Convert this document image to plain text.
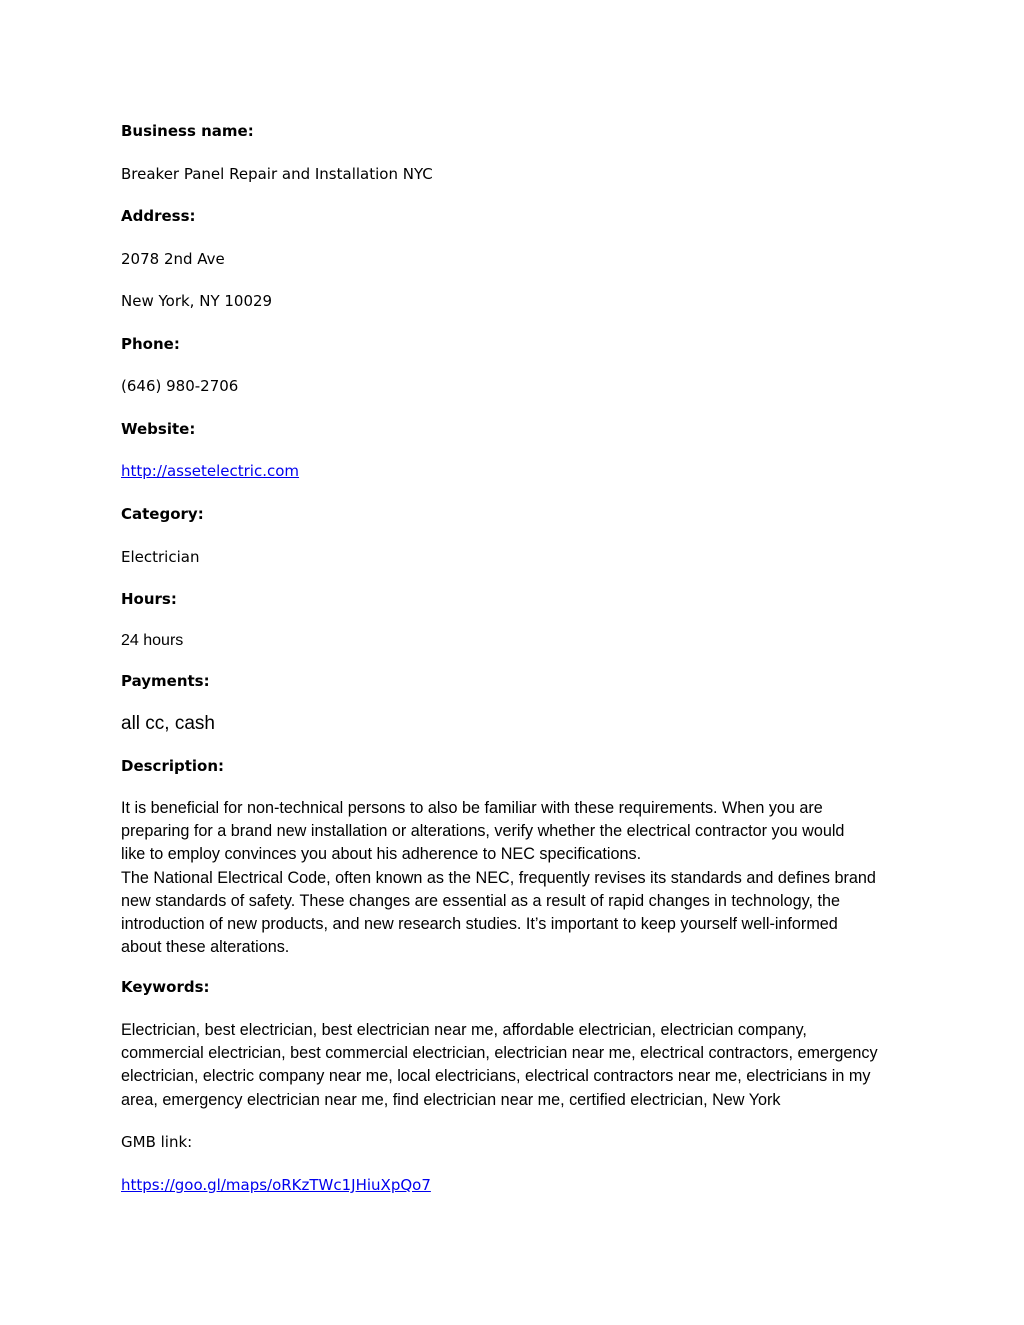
Business name:

Breaker Panel Repair and Installation NYC

Address:

2078 2nd Ave

New York, NY 10029

Phone:

(646) 980-2706

Website:

http://assetelectric.com

Category:

Electrician

Hours:

24 hours

Payments:

all cc, cash

Description:

It is beneficial for non-technical persons to also be familiar with these requirements. When you are
preparing for a brand new installation or alterations, verify whether the electrical contractor you would
like to employ convinces you about his adherence to NEC specifications.
The National Electrical Code, often known as the NEC, frequently revises its standards and defines brand
new standards of safety. These changes are essential as a result of rapid changes in technology, the
introduction of new products, and new research studies. It’s important to keep yourself well-informed
about these alterations.

Keywords:

Electrician, best electrician, best electrician near me, affordable electrician, electrician company,
commercial electrician, best commercial electrician, electrician near me, electrical contractors, emergency
electrician, electric company near me, local electricians, electrical contractors near me, electricians in my
area, emergency electrician near me, find electrician near me, certified electrician, New York

GMB link:

https://goo.gl/maps/oRKzTWc1JHiuXpQo7
